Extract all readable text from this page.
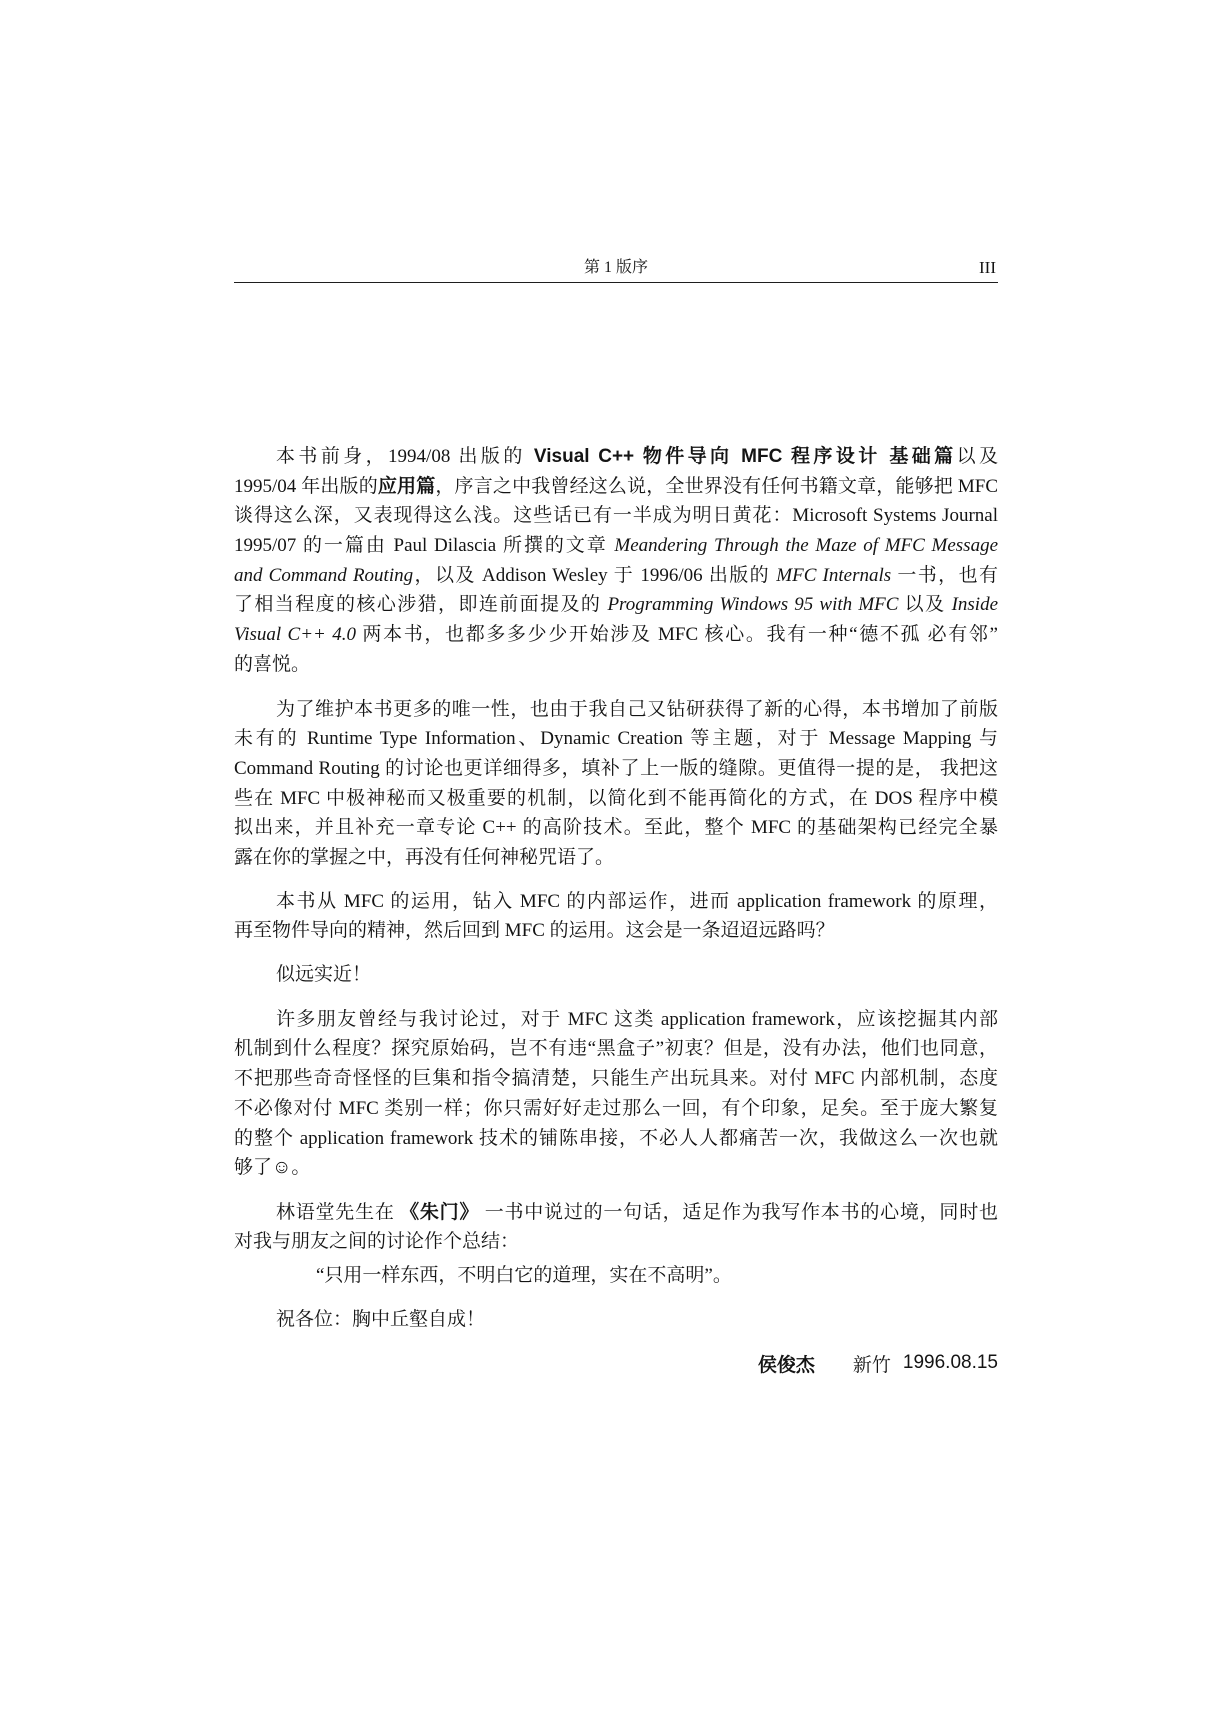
第 1 版序	III
本书前身，1994/08 出版的 Visual C++ 物件导向 MFC 程序设计 基础篇以及
1995/04 年出版的应用篇，序言之中我曾经这么说，全世界没有任何书籍文章，能够把 MFC
谈得这么深，又表现得这么浅。这些话已有一半成为明日黄花：Microsoft Systems Journal
1995/07 的一篇由 Paul Dilascia 所撰的文章 Meandering Through the Maze of MFC Message
and Command Routing，以及 Addison Wesley 于 1996/06 出版的 MFC Internals 一书，也有
了相当程度的核心涉猎，即连前面提及的 Programming Windows 95 with MFC 以及 Inside
Visual C++ 4.0 两本书，也都多多少少开始涉及 MFC 核心。我有一种“德不孤 必有邻”
的喜悦。
为了维护本书更多的唯一性，也由于我自己又钻研获得了新的心得，本书增加了前版
未有的 Runtime Type Information、Dynamic Creation 等主题，对于 Message Mapping 与
Command Routing 的讨论也更详细得多，填补了上一版的缝隙。更值得一提的是， 我把这
些在 MFC 中极神秘而又极重要的机制，以简化到不能再简化的方式，在 DOS 程序中模
拟出来，并且补充一章专论 C++ 的高阶技术。至此，整个 MFC 的基础架构已经完全暴
露在你的掌握之中，再没有任何神秘咒语了。
本书从 MFC 的运用，钻入 MFC 的内部运作，进而 application framework 的原理，
再至物件导向的精神，然后回到 MFC 的运用。这会是一条迢迢远路吗？
似远实近！
许多朋友曾经与我讨论过，对于 MFC 这类 application framework，应该挖掘其内部
机制到什么程度？探究原始码，岂不有违“黑盒子”初衷？但是，没有办法，他们也同意，
不把那些奇奇怪怪的巨集和指令搞清楚，只能生产出玩具来。对付 MFC 内部机制，态度
不必像对付 MFC 类别一样；你只需好好走过那么一回，有个印象，足矣。至于庞大繁复
的整个 application framework 技术的铺陈串接，不必人人都痛苦一次，我做这么一次也就
够了☺。
林语堂先生在 《朱门》 一书中说过的一句话，适足作为我写作本书的心境，同时也
对我与朋友之间的讨论作个总结：
“只用一样东西，不明白它的道理，实在不高明”。
祝各位：胸中丘壑自成！
侯俊杰 新竹 1996.08.15
